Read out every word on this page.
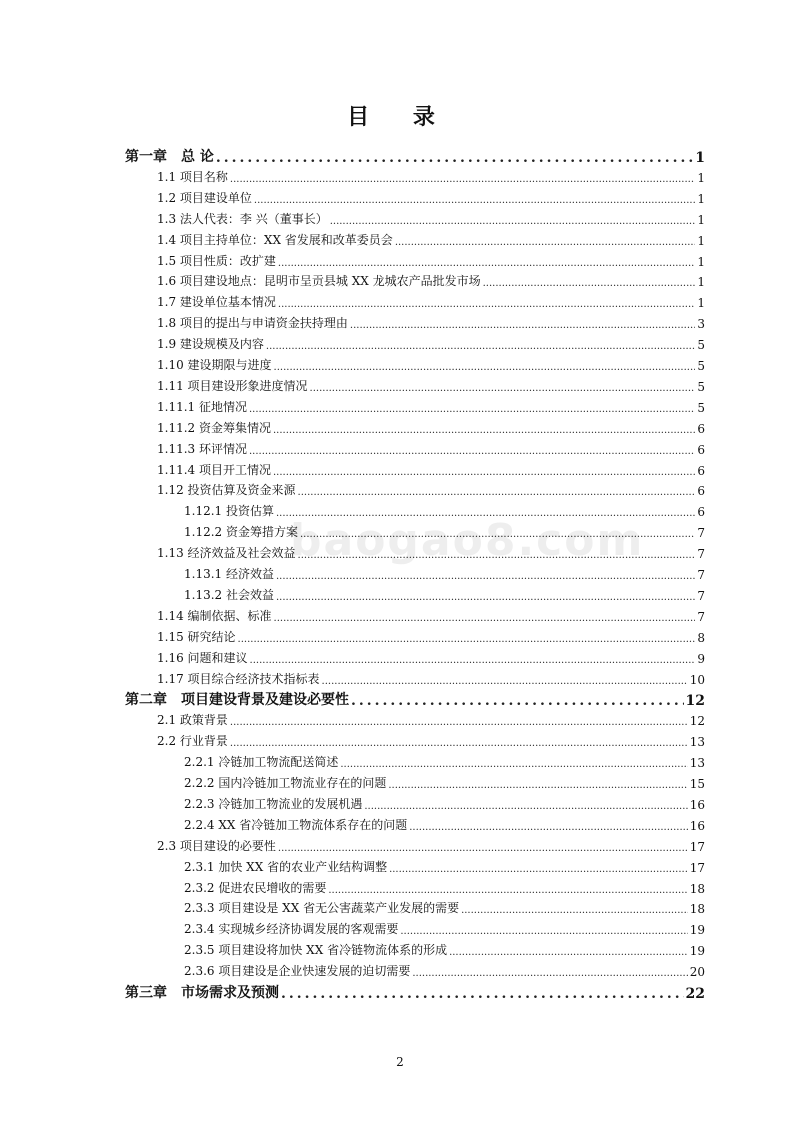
目 录
baogao8.com
第一章　总 论 .....	1
1.1 项目名称 .....	1
1.2 项目建设单位 .....	1
1.3 法人代表：李 兴（董事长） .....	1
1.4 项目主持单位：XX 省发展和改革委员会 .....	1
1.5 项目性质：改扩建 .....	1
1.6 项目建设地点：昆明市呈贡县城 XX 龙城农产品批发市场 .....	1
1.7 建设单位基本情况 .....	1
1.8 项目的提出与申请资金扶持理由 .....	3
1.9 建设规模及内容 .....	5
1.10 建设期限与进度 .....	5
1.11 项目建设形象进度情况 .....	5
1.11.1 征地情况 .....	5
1.11.2 资金筹集情况 .....	6
1.11.3 环评情况 .....	6
1.11.4 项目开工情况 .....	6
1.12 投资估算及资金来源 .....	6
1.12.1 投资估算 .....	6
1.12.2 资金筹措方案 .....	7
1.13 经济效益及社会效益 .....	7
1.13.1 经济效益 .....	7
1.13.2 社会效益 .....	7
1.14 编制依据、标准 .....	7
1.15 研究结论 .....	8
1.16 问题和建议 .....	9
1.17 项目综合经济技术指标表 .....	10
第二章　项目建设背景及建设必要性 .....	12
2.1 政策背景 .....	12
2.2 行业背景 .....	13
2.2.1 冷链加工物流配送简述 .....	13
2.2.2 国内冷链加工物流业存在的问题 .....	15
2.2.3 冷链加工物流业的发展机遇 .....	16
2.2.4 XX 省冷链加工物流体系存在的问题 .....	16
2.3 项目建设的必要性 .....	17
2.3.1 加快 XX 省的农业产业结构调整 .....	17
2.3.2 促进农民增收的需要 .....	18
2.3.3 项目建设是 XX 省无公害蔬菜产业发展的需要 .....	18
2.3.4 实现城乡经济协调发展的客观需要 .....	19
2.3.5 项目建设将加快 XX 省冷链物流体系的形成 .....	19
2.3.6 项目建设是企业快速发展的迫切需要 .....	20
第三章　市场需求及预测 .....	22
2
